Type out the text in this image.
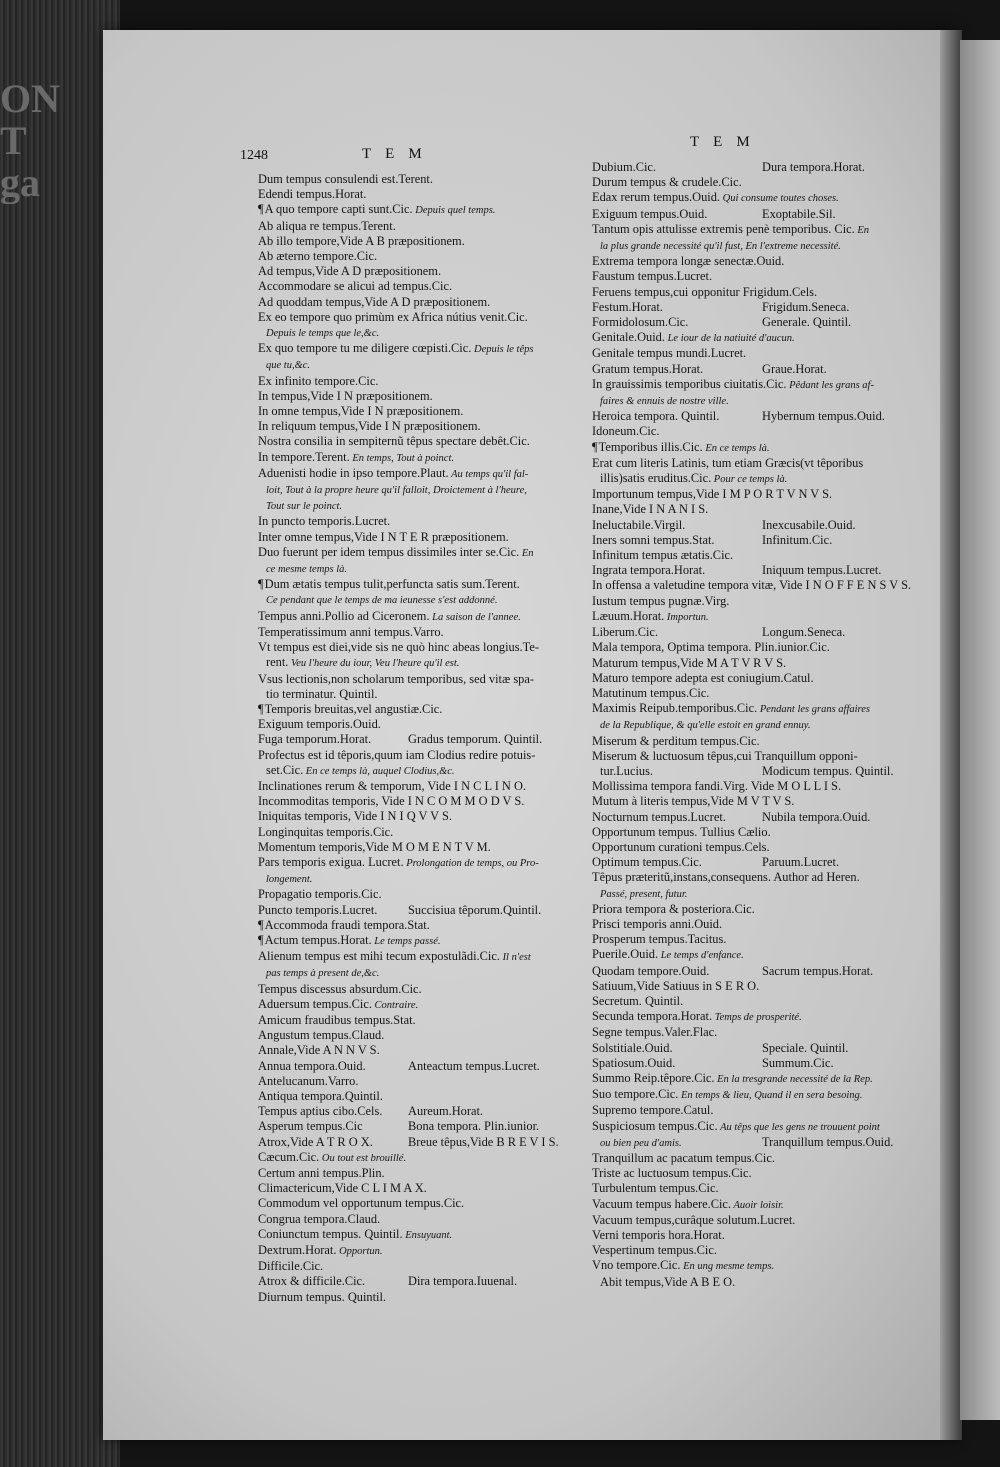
ON
T
ga
1248	TEM
TEM
Dum tempus consulendi est.Terent.
Edendi tempus.Horat.
¶ A quo tempore capti sunt.Cic. Depuis quel temps.
Ab aliqua re tempus.Terent.
Ab illo tempore,Vide A B præpositionem.
Ab æterno tempore.Cic.
Ad tempus,Vide A D præpositionem.
Accommodare se alicui ad tempus.Cic.
Ad quoddam tempus,Vide A D præpositionem.
Ex eo tempore quo primùm ex Africa nútius venit.Cic.
Depuis le temps que le,&c.
Ex quo tempore tu me diligere cœpisti.Cic. Depuis le têps
que tu,&c.
Ex infinito tempore.Cic.
In tempus,Vide I N præpositionem.
In omne tempus,Vide I N præpositionem.
In reliquum tempus,Vide I N præpositionem.
Nostra consilia in sempiternũ têpus spectare debêt.Cic.
In tempore.Terent. En temps, Tout à poinct.
Aduenisti hodie in ipso tempore.Plaut. Au temps qu'il fal-
loit, Tout à la propre heure qu'il falloit, Droictement à l'heure,
Tout sur le poinct.
In puncto temporis.Lucret.
Inter omne tempus,Vide I N T E R præpositionem.
Duo fuerunt per idem tempus dissimiles inter se.Cic. En
ce mesme temps là.
¶ Dum ætatis tempus tulit,perfuncta satis sum.Terent.
Ce pendant que le temps de ma ieunesse s'est addonné.
Tempus anni.Pollio ad Ciceronem. La saison de l'annee.
Temperatissimum anni tempus.Varro.
Vt tempus est diei,vide sis ne quò hinc abeas longius.Te-
rent. Veu l'heure du iour, Veu l'heure qu'il est.
Vsus lectionis,non scholarum temporibus, sed vitæ spa-
tio terminatur. Quintil.
¶ Temporis breuitas,vel angustiæ.Cic.
Exiguum temporis.Ouid.
Fuga temporum.Horat.	Gradus temporum. Quintil.
Profectus est id têporis,quum iam Clodius redire potuis-
set.Cic. En ce temps là, auquel Clodius,&c.
Inclinationes rerum & temporum, Vide I N C L I N O.
Incommoditas temporis, Vide I N C O M M O D V S.
Iniquitas temporis, Vide I N I Q V V S.
Longinquitas temporis.Cic.
Momentum temporis,Vide M O M E N T V M.
Pars temporis exigua. Lucret. Prolongation de temps, ou Pro-
longement.
Propagatio temporis.Cic.
Puncto temporis.Lucret. Succisiua têporum.Quintil.
¶ Accommoda fraudi tempora.Stat.
¶ Actum tempus.Horat. Le temps passé.
Alienum tempus est mihi tecum expostulãdi.Cic. Il n'est
pas temps à present de,&c.
Tempus discessus absurdum.Cic.
Aduersum tempus.Cic. Contraire.
Amicum fraudibus tempus.Stat.
Angustum tempus.Claud.
Annale,Vide A N N V S.
Annua tempora.Ouid.	Anteactum tempus.Lucret.
Antelucanum.Varro.
Antiqua tempora.Quintil.
Tempus aptius cibo.Cels. Aureum.Horat.
Asperum tempus.Cic	Bona tempora. Plin.iunior.
Atrox,Vide A T R O X.	Breue têpus,Vide B R E V I S.
Cæcum.Cic. Ou tout est brouillé.
Certum anni tempus.Plin.
Climactericum,Vide C L I M A X.
Commodum vel opportunum tempus.Cic.
Congrua tempora.Claud.
Coniunctum tempus. Quintil. Ensuyuant.
Dextrum.Horat. Opportun.
Difficile.Cic.
Atrox & difficile.Cic.	Dira tempora.Iuuenal.
Diurnum tempus. Quintil.
Dubium.Cic.	Dura tempora.Horat.
Durum tempus & crudele.Cic.
Edax rerum tempus.Ouid. Qui consume toutes choses.
Exiguum tempus.Ouid.	Exoptabile.Sil.
Tantum opis attulisse extremis penè temporibus. Cic. En
la plus grande necessité qu'il fust, En l'extreme necessité.
Extrema tempora longæ senectæ.Ouid.
Faustum tempus.Lucret.
Feruens tempus,cui opponitur Frigidum.Cels.
Festum.Horat.	Frigidum.Seneca.
Formidolosum.Cic.	Generale. Quintil.
Genitale.Ouid. Le iour de la natiuité d'aucun.
Genitale tempus mundi.Lucret.
Gratum tempus.Horat.	Graue.Horat.
In grauissimis temporibus ciuitatis.Cic. Pêdant les grans af-
faires & ennuis de nostre ville.
Heroica tempora. Quintil.	Hybernum tempus.Ouid.
Idoneum.Cic.
¶ Temporibus illis.Cic. En ce temps là.
Erat cum literis Latinis, tum etiam Græcis(vt têporibus
illis)satis eruditus.Cic. Pour ce temps là.
Importunum tempus,Vide I M P O R T V N V S.
Inane,Vide I N A N I S.
Ineluctabile.Virgil.	Inexcusabile.Ouid.
Iners somni tempus.Stat.	Infinitum.Cic.
Infinitum tempus ætatis.Cic.
Ingrata tempora.Horat.	Iniquum tempus.Lucret.
In offensa a valetudine tempora vitæ, Vide I N O F F E N S V S.
Iustum tempus pugnæ.Virg.
Læuum.Horat. Importun.
Liberum.Cic.	Longum.Seneca.
Mala tempora, Optima tempora. Plin.iunior.Cic.
Maturum tempus,Vide M A T V R V S.
Maturo tempore adepta est coniugium.Catul.
Matutinum tempus.Cic.
Maximis Reipub.temporibus.Cic. Pendant les grans affaires
de la Republique, & qu'elle estoit en grand ennuy.
Miserum & perditum tempus.Cic.
Miserum & luctuosum têpus,cui Tranquillum opponi-
tur.Lucius.	Modicum tempus. Quintil.
Mollissima tempora fandi.Virg. Vide M O L L I S.
Mutum à literis tempus,Vide M V T V S.
Nocturnum tempus.Lucret.	Nubila tempora.Ouid.
Opportunum tempus. Tullius Cælio.
Opportunum curationi tempus.Cels.
Optimum tempus.Cic.	Paruum.Lucret.
Têpus præteritũ,instans,consequens. Author ad Heren.
Passé, present, futur.
Priora tempora & posteriora.Cic.
Prisci temporis anni.Ouid.
Prosperum tempus.Tacitus.
Puerile.Ouid. Le temps d'enfance.
Quodam tempore.Ouid.	Sacrum tempus.Horat.
Satiuum,Vide Satiuus in S E R O.
Secretum. Quintil.
Secunda tempora.Horat. Temps de prosperité.
Segne tempus.Valer.Flac.
Solstitiale.Ouid.	Speciale. Quintil.
Spatiosum.Ouid.	Summum.Cic.
Summo Reip.têpore.Cic. En la tresgrande necessité de la Rep.
Suo tempore.Cic. En temps & lieu, Quand il en sera besoing.
Supremo tempore.Catul.
Suspiciosum tempus.Cic. Au têps que les gens ne trouuent point
ou bien peu d'amis.	Tranquillum tempus.Ouid.
Tranquillum ac pacatum tempus.Cic.
Triste ac luctuosum tempus.Cic.
Turbulentum tempus.Cic.
Vacuum tempus habere.Cic. Auoir loisir.
Vacuum tempus,curâque solutum.Lucret.
Verni temporis hora.Horat.
Vespertinum tempus.Cic.
Vno tempore.Cic. En ung mesme temps.
Abit tempus,Vide A B E O.
